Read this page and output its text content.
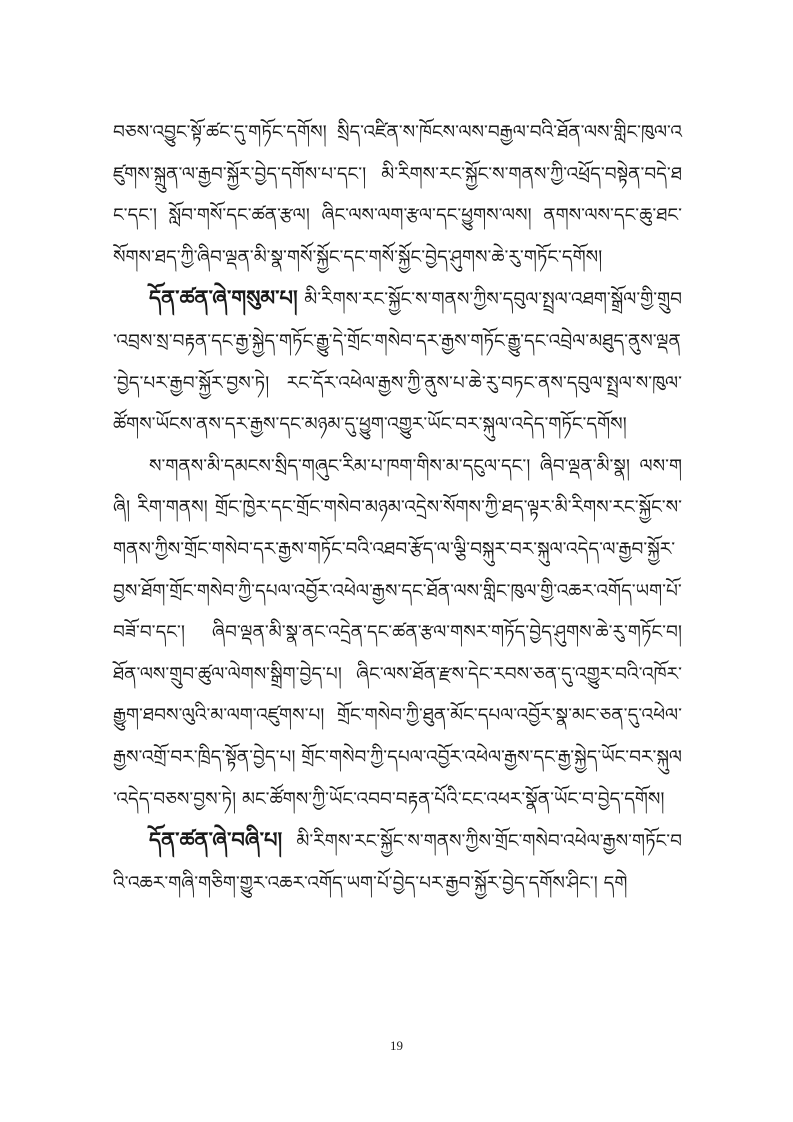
བཅས་འབྱུང་སྟོ་ཚང་དུ་གཏོང་དགོས། སྲིད་འཛིན་ས་ཁོངས་ལས་བརྒྱལ་བའི་ཐོན་ལས་གླིང་ཁུལ་འཛུགས་སྐྲུན་ལ་རྒྱབ་སྐྱོར་བྱེད་དགོས་པ་དང་། མི་རིགས་རང་སྐྱོང་ས་གནས་ཀྱི་འཕྲོད་བསྟེན་བདེ་ཐང་དང་། སློབ་གསོ་དང་ཚན་རྩལ། ཞིང་ལས་ལག་རྩལ་དང་ཕྱུགས་ལས། ནགས་ལས་དང་ཆུ་ཐང་སོགས་ཐད་ཀྱི་ཞིབ་ལྡན་མི་སྣ་གསོ་སྐྱོང་དང་གསོ་སྐྱོང་བྱེད་ཤུགས་ཆེ་རུ་གཏོང་དགོས།

དོན་ཚན་ཞེ་གསུམ་པ། མི་རིགས་རང་སྐྱོང་ས་གནས་ཀྱིས་དབུལ་སྤྲལ་འཐག་སྒྲོལ་གྱི་གྲུབ་འབྲས་སྲ་བརྟན་དང་རྒྱ་སྐྱེད་གཏོང་རྒྱུ་དེ་གྲོང་གསེབ་དར་རྒྱས་གཏོང་རྒྱུ་དང་འབྲེལ་མཐུད་ནུས་ལྡན་བྱེད་པར་རྒྱབ་སྐྱོར་བྱས་ཏེ། རང་དོར་འཕེལ་རྒྱས་ཀྱི་ནུས་པ་ཆེ་རུ་བཏང་ནས་དབུལ་སྤྲལ་ས་ཁུལ་ཚོགས་ཡོངས་ནས་དར་རྒྱས་དང་མཉམ་དུ་ཕྱུག་འགྱུར་ཡོང་བར་སྐུལ་འདེད་གཏོང་དགོས།

ས་གནས་མི་དམངས་སྲིད་གཞུང་རིམ་པ་ཁག་གིས་མ་དངུལ་དང་། ཞིབ་ལྡན་མི་སྣ། ལས་གཞི། རིག་གནས། གྲོང་ཁྱེར་དང་གྲོང་གསེབ་མཉམ་འདྲེས་སོགས་ཀྱི་ཐད་ལྟར་མི་རིགས་རང་སྐྱོང་ས་གནས་ཀྱིས་གྲོང་གསེབ་དར་རྒྱས་གཏོང་བའི་འཐབ་རྩོད་ལ་ལྕི་བསྐུར་བར་སྐུལ་འདེད་ལ་རྒྱབ་སྐྱོར་བྱས་ཐོག་གྲོང་གསེབ་ཀྱི་དཔལ་འབྱོར་འཕེལ་རྒྱས་དང་ཐོན་ལས་གླིང་ཁུལ་གྱི་འཆར་འགོད་ཡག་པོ་བཟོ་བ་དང་། ཞིབ་ལྡན་མི་སྣ་ནང་འདྲེན་དང་ཚན་རྩལ་གསར་གཏོད་བྱེད་ཤུགས་ཆེ་རུ་གཏོང་བ། ཐོན་ལས་གྲུབ་ཚུལ་ལེགས་སྒྲིག་བྱེད་པ། ཞིང་ལས་ཐོན་རྫས་དེང་རབས་ཅན་དུ་འགྱུར་བའི་འཁོར་རྒྱུག་ཐབས་ལུའི་མ་ལག་འཛུགས་པ། གྲོང་གསེབ་ཀྱི་ཐུན་མོང་དཔལ་འབྱོར་སྣ་མང་ཅན་དུ་འཕེལ་རྒྱས་འགྲོ་བར་ཁྲིད་སྟོན་བྱེད་པ། གྲོང་གསེབ་ཀྱི་དཔལ་འབྱོར་འཕེལ་རྒྱས་དང་རྒྱ་སྐྱེད་ཡོང་བར་སྐུལ་འདེད་བཅས་བྱས་ཏེ། མང་ཚོགས་ཀྱི་ཡོང་འབབ་བརྟན་པོའི་ངང་འཕར་སྣོན་ཡོང་བ་བྱེད་དགོས།

དོན་ཚན་ཞེ་བཞི་པ། མི་རིགས་རང་སྐྱོང་ས་གནས་ཀྱིས་གྲོང་གསེབ་འཕེལ་རྒྱས་གཏོང་བའི་འཆར་གཞི་གཅིག་གྱུར་འཆར་འགོད་ཡག་པོ་བྱེད་པར་རྒྱབ་སྐྱོར་བྱེད་དགོས་ཤིང་། དགེ

19
